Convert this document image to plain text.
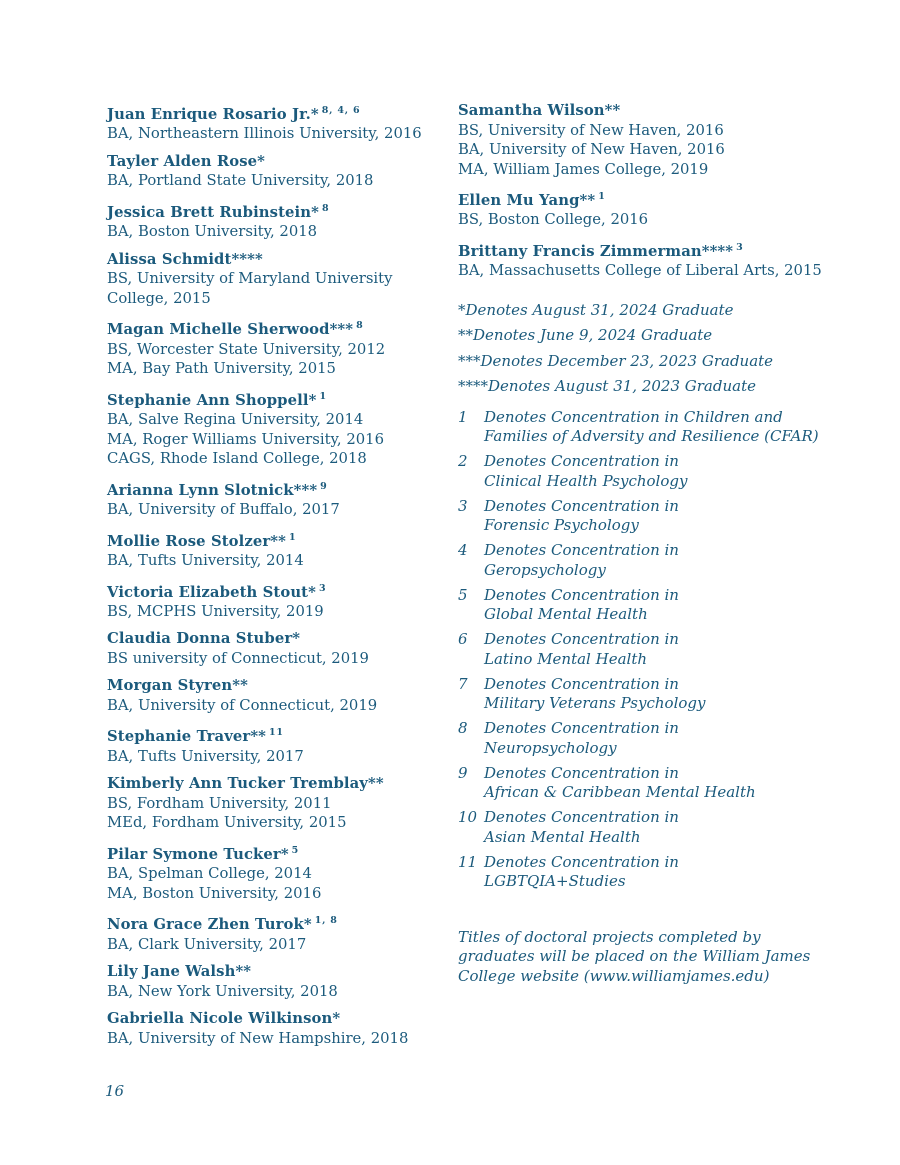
Juan Enrique Rosario Jr.* $^{8, 4, 6}$
BA, Northeastern Illinois University, 2016
Tayler Alden Rose*
BA, Portland State University, 2018
Jessica Brett Rubinstein* $^8$
BA, Boston University, 2018
Alissa Schmidt****
BS, University of Maryland University
College, 2015
Magan Michelle Sherwood*** $^8$
BS, Worcester State University, 2012
MA, Bay Path University, 2015
Stephanie Ann Shoppell* $^1$
BA, Salve Regina University, 2014
MA, Roger Williams University, 2016
CAGS, Rhode Island College, 2018
Arianna Lynn Slotnick*** $^9$
BA, University of Buffalo, 2017
Mollie Rose Stolzer** $^1$
BA, Tufts University, 2014
Victoria Elizabeth Stout* $^3$
BS, MCPHS University, 2019
Claudia Donna Stuber*
BS university of Connecticut, 2019
Morgan Styren**
BA, University of Connecticut, 2019
Stephanie Traver** $^{11}$
BA, Tufts University, 2017
Kimberly Ann Tucker Tremblay**
BS, Fordham University, 2011
MEd, Fordham University, 2015
Pilar Symone Tucker* $^5$
BA, Spelman College, 2014
MA, Boston University, 2016
Nora Grace Zhen Turok* $^{1, 8}$
BA, Clark University, 2017
Lily Jane Walsh**
BA, New York University, 2018
Gabriella Nicole Wilkinson*
BA, University of New Hampshire, 2018
Samantha Wilson**
BS, University of New Haven, 2016
BA, University of New Haven, 2016
MA, William James College, 2019
Ellen Mu Yang** $^1$
BS, Boston College, 2016
Brittany Francis Zimmerman**** $^3$
BA, Massachusetts College of Liberal Arts, 2015
*Denotes August 31, 2024 Graduate
**Denotes June 9, 2024 Graduate
***Denotes December 23, 2023 Graduate
****Denotes August 31, 2023 Graduate
1	Denotes Concentration in Children and
Families of Adversity and Resilience (CFAR)
2	Denotes Concentration in
Clinical Health Psychology
3	Denotes Concentration in
Forensic Psychology
4	Denotes Concentration in
Geropsychology
5	Denotes Concentration in
Global Mental Health
6	Denotes Concentration in
Latino Mental Health
7	Denotes Concentration in
Military Veterans Psychology
8	Denotes Concentration in
Neuropsychology
9	Denotes Concentration in
African & Caribbean Mental Health
10 Denotes Concentration in
Asian Mental Health
11 Denotes Concentration in
LGBTQIA+Studies
Titles of doctoral projects completed by
graduates will be placed on the William James
College website (www.williamjames.edu)
16
